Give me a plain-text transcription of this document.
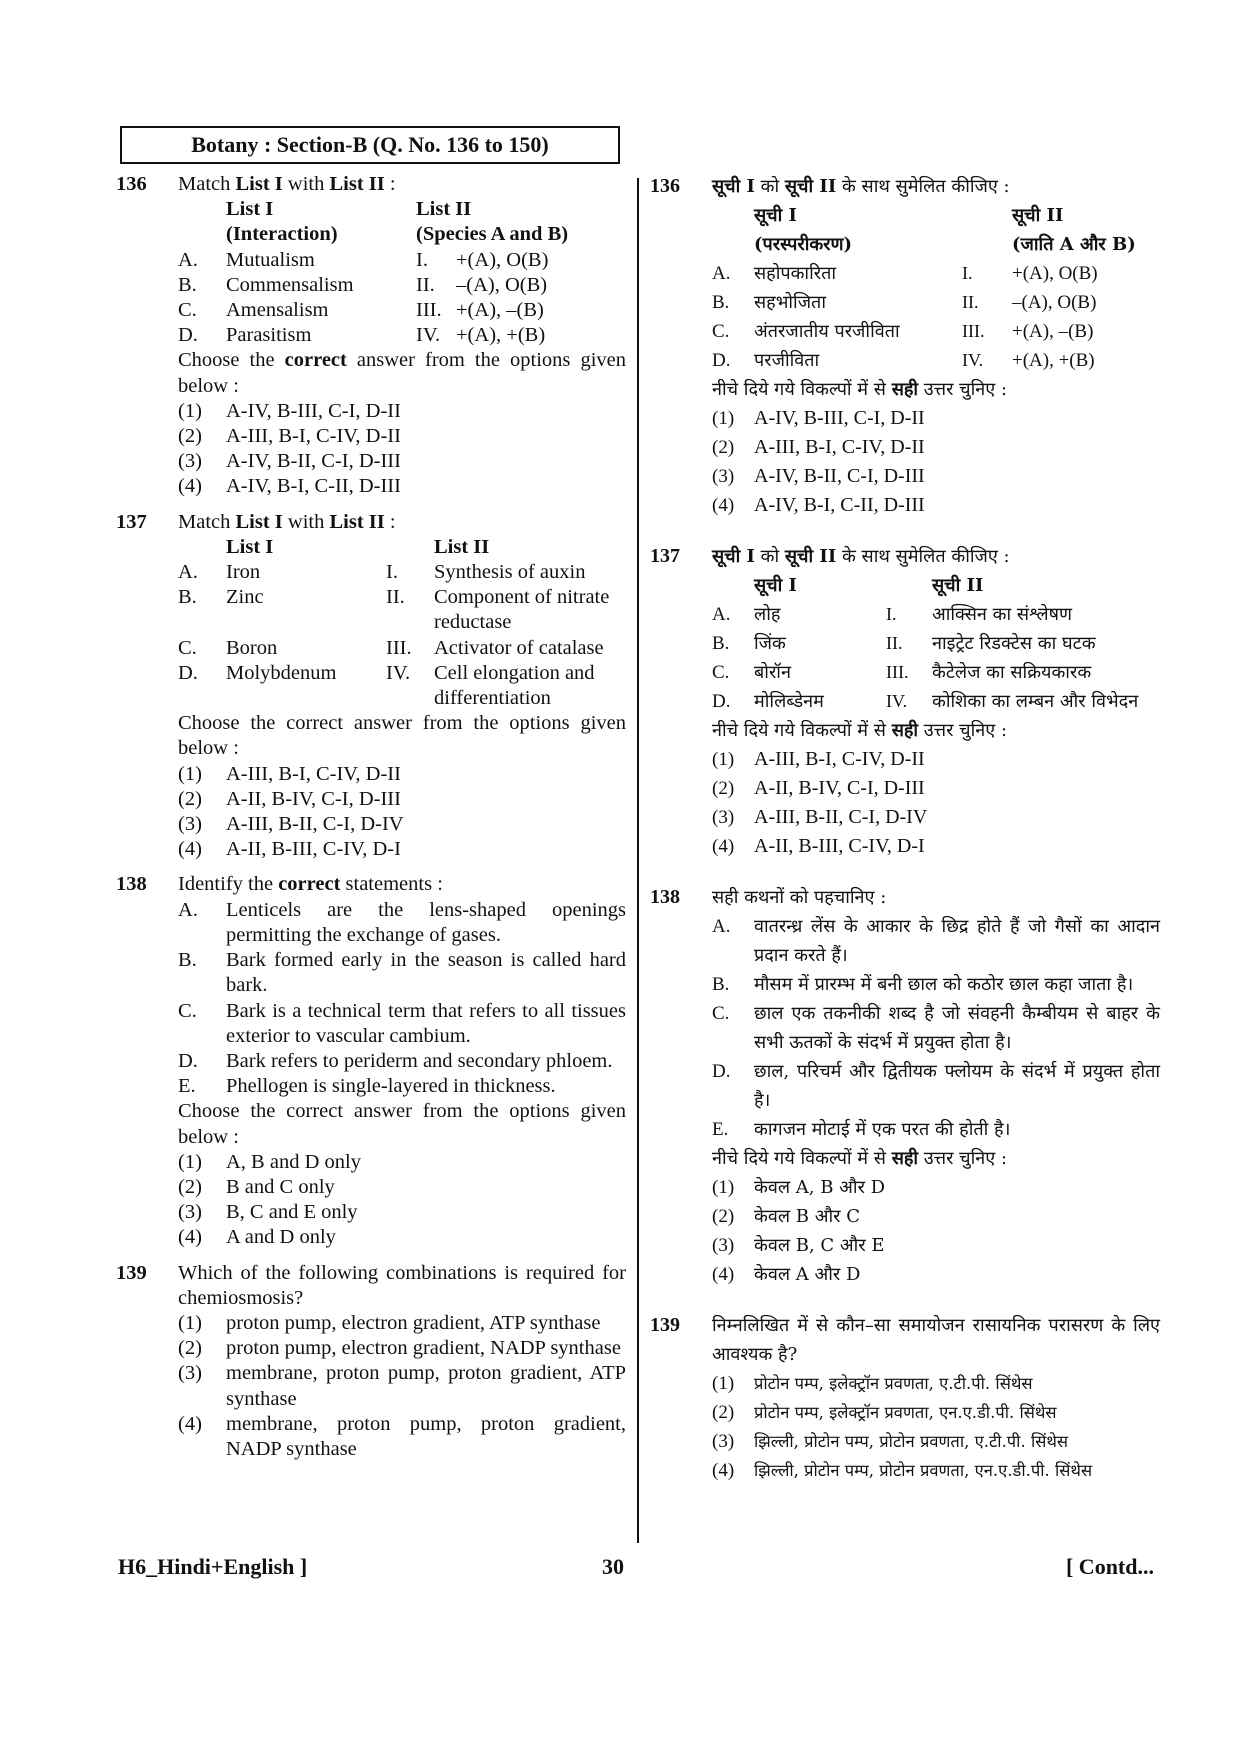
Botany : Section-B (Q. No. 136 to 150)
136 Match List I with List II :
List I	List II
(Interaction)	(Species A and B)
A.	Mutualism	I.	+(A), O(B)
B.	Commensalism	II.	–(A), O(B)
C.	Amensalism	III. +(A), –(B)
D.	Parasitism	IV. +(A), +(B)
Choose the correct answer from the options given below :
(1)	A-IV, B-III, C-I, D-II
(2)	A-III, B-I, C-IV, D-II
(3)	A-IV, B-II, C-I, D-III
(4)	A-IV, B-I, C-II, D-III
137 Match List I with List II :
List I	List II
A.	Iron	I.	Synthesis of auxin
B.	Zinc	II.	Component of nitrate reductase
C.	Boron	III.	Activator of catalase
D.	Molybdenum	IV.	Cell elongation and differentiation
Choose the correct answer from the options given below :
(1)	A-III, B-I, C-IV, D-II
(2)	A-II, B-IV, C-I, D-III
(3)	A-III, B-II, C-I, D-IV
(4)	A-II, B-III, C-IV, D-I
138 Identify the correct statements :
A.	Lenticels are the lens-shaped openings permitting the exchange of gases.
B.	Bark formed early in the season is called hard bark.
C.	Bark is a technical term that refers to all tissues exterior to vascular cambium.
D.	Bark refers to periderm and secondary phloem.
E.	Phellogen is single-layered in thickness.
Choose the correct answer from the options given below :
(1)	A, B and D only
(2)	B and C only
(3)	B, C and E only
(4)	A and D only
139 Which of the following combinations is required for chemiosmosis?
(1)	proton pump, electron gradient, ATP synthase
(2)	proton pump, electron gradient, NADP synthase
(3)	membrane, proton pump, proton gradient, ATP synthase
(4)	membrane, proton pump, proton gradient, NADP synthase
136 सूची I को सूची II के साथ सुमेलित कीजिए :
सूची I	सूची II
(परस्परीकरण)	(जाति A और B)
A.	सहोपकारिता	I.	+(A), O(B)
B.	सहभोजिता	II.	–(A), O(B)
C.	अंतरजातीय परजीविता	III.	+(A), –(B)
D.	परजीविता	IV.	+(A), +(B)
नीचे दिये गये विकल्पों में से सही उत्तर चुनिए :
(1) A-IV, B-III, C-I, D-II
(2) A-III, B-I, C-IV, D-II
(3) A-IV, B-II, C-I, D-III
(4) A-IV, B-I, C-II, D-III
137 सूची I को सूची II के साथ सुमेलित कीजिए :
सूची I	सूची II
A.	लोह	I.	आक्सिन का संश्लेषण
B.	जिंक	II.	नाइट्रेट रिडक्टेस का घटक
C.	बोरॉन	III.	कैटेलेज का सक्रियकारक
D.	मोलिब्डेनम	IV.	कोशिका का लम्बन और विभेदन
नीचे दिये गये विकल्पों में से सही उत्तर चुनिए :
(1) A-III, B-I, C-IV, D-II
(2) A-II, B-IV, C-I, D-III
(3) A-III, B-II, C-I, D-IV
(4) A-II, B-III, C-IV, D-I
138 सही कथनों को पहचानिए :
A.	वातरन्ध्र लेंस के आकार के छिद्र होते हैं जो गैसों का आदान प्रदान करते हैं।
B.	मौसम में प्रारम्भ में बनी छाल को कठोर छाल कहा जाता है।
C.	छाल एक तकनीकी शब्द है जो संवहनी कैम्बीयम से बाहर के सभी ऊतकों के संदर्भ में प्रयुक्त होता है।
D.	छाल, परिचर्म और द्वितीयक फ्लोयम के संदर्भ में प्रयुक्त होता है।
E.	कागजन मोटाई में एक परत की होती है।
नीचे दिये गये विकल्पों में से सही उत्तर चुनिए :
(1)	केवल A, B और D
(2)	केवल B और C
(3)	केवल B, C और E
(4)	केवल A और D
139 निम्नलिखित में से कौन–सा समायोजन रासायनिक परासरण के लिए आवश्यक है?
(1)	प्रोटोन पम्प, इलेक्ट्रॉन प्रवणता, ए.टी.पी. सिंथेस
(2)	प्रोटोन पम्प, इलेक्ट्रॉन प्रवणता, एन.ए.डी.पी. सिंथेस
(3)	झिल्ली, प्रोटोन पम्प, प्रोटोन प्रवणता, ए.टी.पी. सिंथेस
(4)	झिल्ली, प्रोटोन पम्प, प्रोटोन प्रवणता, एन.ए.डी.पी. सिंथेस
H6_Hindi+English ]	30	[ Contd...
